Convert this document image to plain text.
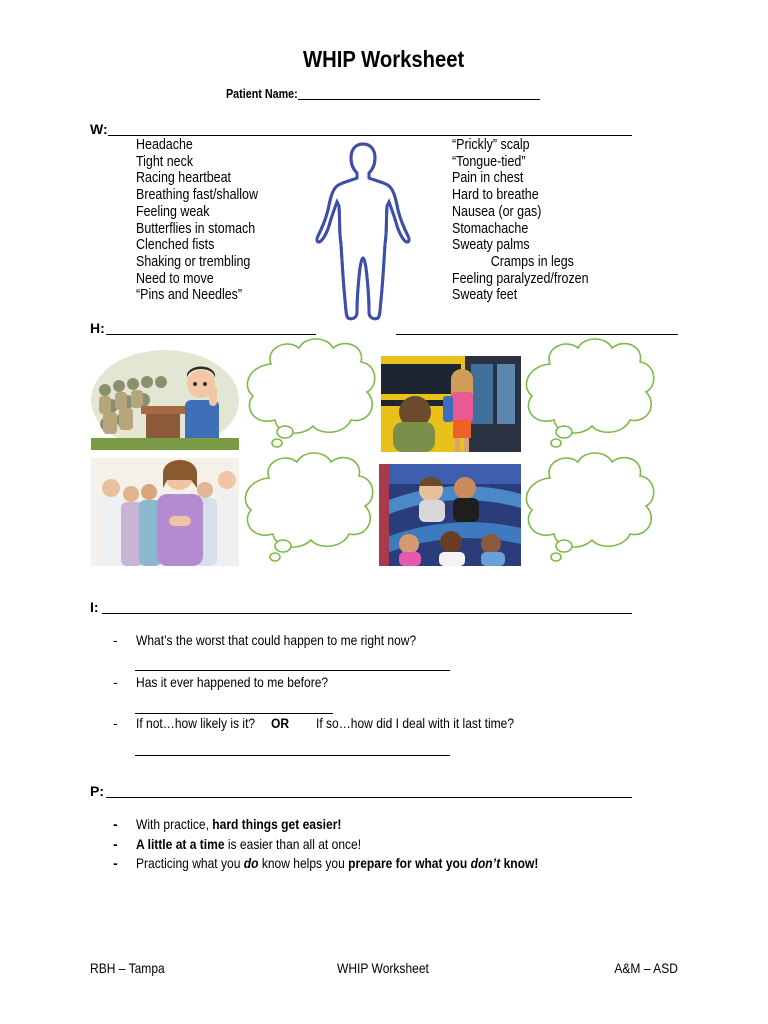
WHIP Worksheet
Patient Name:
W:
Headache
Tight neck
Racing heartbeat
Breathing fast/shallow
Feeling weak
Butterflies in stomach
Clenched fists
Shaking or trembling
Need to move
“Pins and Needles”
“Prickly” scalp
“Tongue-tied”
Pain in chest
Hard to breathe
Nausea (or gas)
Stomachache
Sweaty palms
Cramps in legs
Feeling paralyzed/frozen
Sweaty feet
H:
I:
- What’s the worst that could happen to me right now?
- Has it ever happened to me before?
- If not…how likely is it? OR If so…how did I deal with it last time?
P:
- With practice, hard things get easier!
- A little at a time is easier than all at once!
- Practicing what you do know helps you prepare for what you don’t know!
RBH – Tampa	WHIP Worksheet	A&M – ASD
